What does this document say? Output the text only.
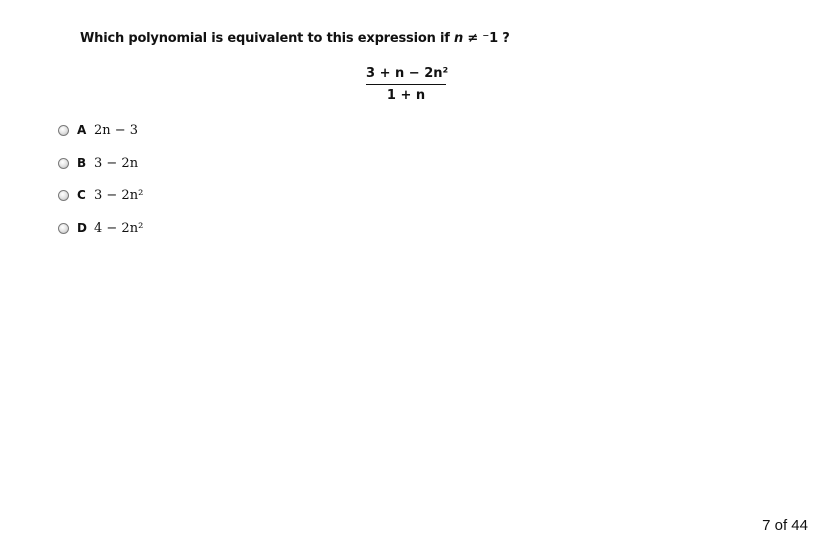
Which polynomial is equivalent to this expression if n ≠ ⁻1 ?
3 + n − 2n²
1 + n
A 2n − 3
B 3 − 2n
C 3 − 2n²
D 4 − 2n²
7 of 44
